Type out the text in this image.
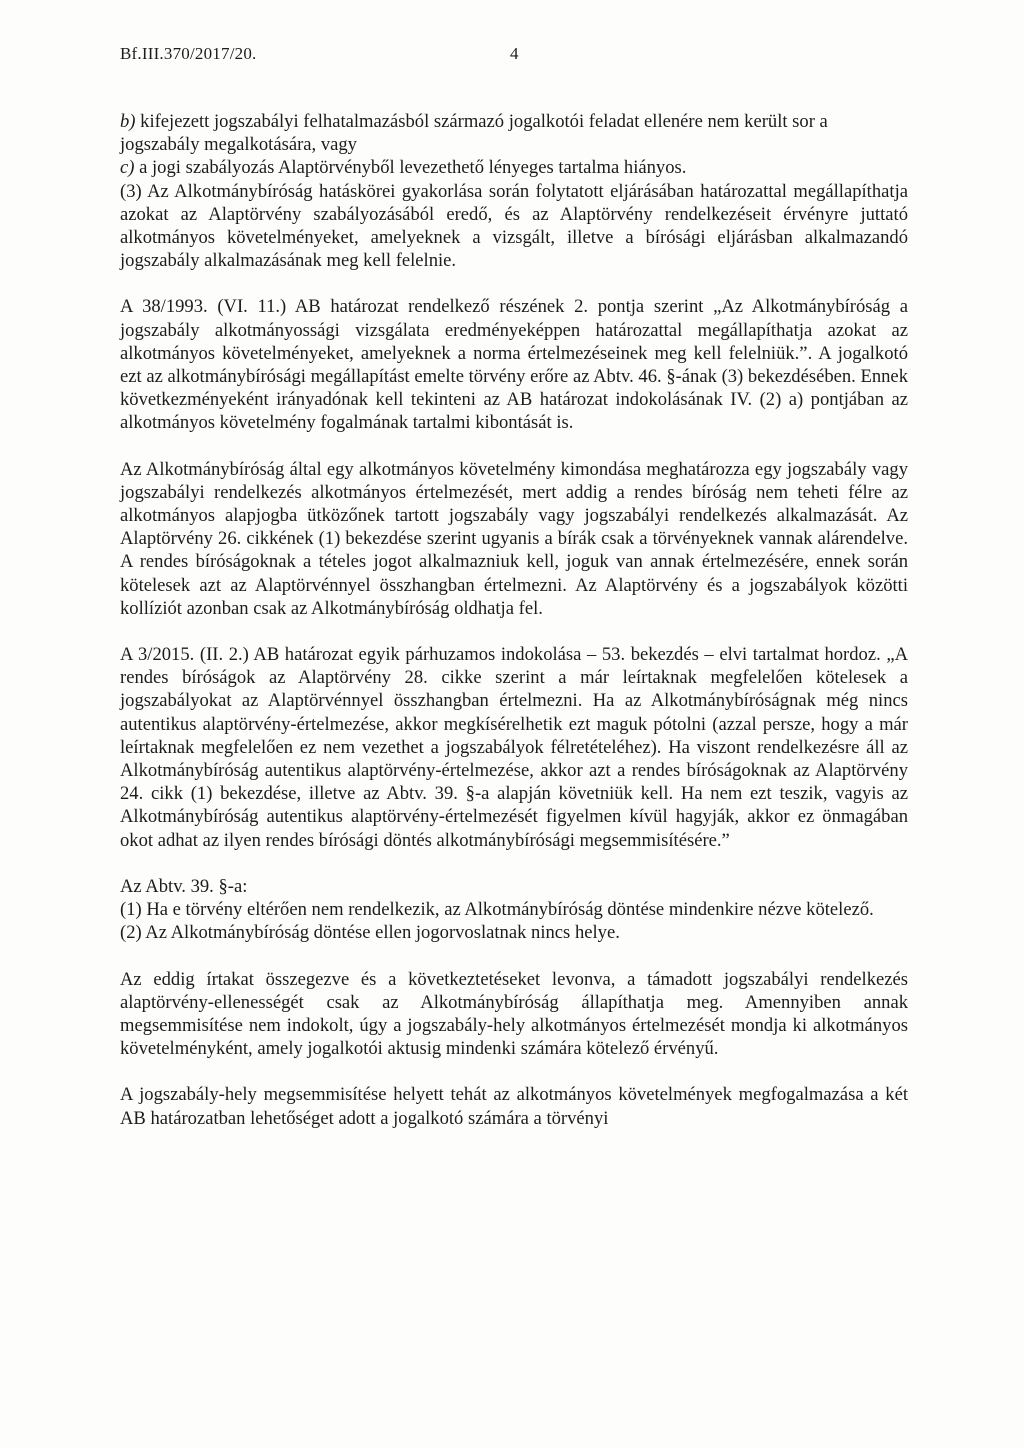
Bf.III.370/2017/20.	4

b) kifejezett jogszabályi felhatalmazásból származó jogalkotói feladat ellenére nem került sor a jogszabály megalkotására, vagy

c) a jogi szabályozás Alaptörvényből levezethető lényeges tartalma hiányos.

(3) Az Alkotmánybíróság hatáskörei gyakorlása során folytatott eljárásában határozattal megállapíthatja azokat az Alaptörvény szabályozásából eredő, és az Alaptörvény rendelkezéseit érvényre juttató alkotmányos követelményeket, amelyeknek a vizsgált, illetve a bírósági eljárásban alkalmazandó jogszabály alkalmazásának meg kell felelnie.

A 38/1993. (VI. 11.) AB határozat rendelkező részének 2. pontja szerint „Az Alkotmánybíróság a jogszabály alkotmányossági vizsgálata eredményeképpen határozattal megállapíthatja azokat az alkotmányos követelményeket, amelyeknek a norma értelmezéseinek meg kell felelniük.”. A jogalkotó ezt az alkotmánybírósági megállapítást emelte törvény erőre az Abtv. 46. §-ának (3) bekezdésében. Ennek következményeként irányadónak kell tekinteni az AB határozat indokolásának IV. (2) a) pontjában az alkotmányos követelmény fogalmának tartalmi kibontását is.

Az Alkotmánybíróság által egy alkotmányos követelmény kimondása meghatározza egy jogszabály vagy jogszabályi rendelkezés alkotmányos értelmezését, mert addig a rendes bíróság nem teheti félre az alkotmányos alapjogba ütközőnek tartott jogszabály vagy jogszabályi rendelkezés alkalmazását. Az Alaptörvény 26. cikkének (1) bekezdése szerint ugyanis a bírák csak a törvényeknek vannak alárendelve. A rendes bíróságoknak a tételes jogot alkalmazniuk kell, joguk van annak értelmezésére, ennek során kötelesek azt az Alaptörvénnyel összhangban értelmezni. Az Alaptörvény és a jogszabályok közötti kollíziót azonban csak az Alkotmánybíróság oldhatja fel.

A 3/2015. (II. 2.) AB határozat egyik párhuzamos indokolása – 53. bekezdés – elvi tartalmat hordoz. „A rendes bíróságok az Alaptörvény 28. cikke szerint a már leírtaknak megfelelően kötelesek a jogszabályokat az Alaptörvénnyel összhangban értelmezni. Ha az Alkotmánybíróságnak még nincs autentikus alaptörvény-értelmezése, akkor megkísérelhetik ezt maguk pótolni (azzal persze, hogy a már leírtaknak megfelelően ez nem vezethet a jogszabályok félretételéhez). Ha viszont rendelkezésre áll az Alkotmánybíróság autentikus alaptörvény-értelmezése, akkor azt a rendes bíróságoknak az Alaptörvény 24. cikk (1) bekezdése, illetve az Abtv. 39. §-a alapján követniük kell. Ha nem ezt teszik, vagyis az Alkotmánybíróság autentikus alaptörvény-értelmezését figyelmen kívül hagyják, akkor ez önmagában okot adhat az ilyen rendes bírósági döntés alkotmánybírósági megsemmisítésére.”

Az Abtv. 39. §-a:

(1) Ha e törvény eltérően nem rendelkezik, az Alkotmánybíróság döntése mindenkire nézve kötelező.

(2) Az Alkotmánybíróság döntése ellen jogorvoslatnak nincs helye.

Az eddig írtakat összegezve és a következtetéseket levonva, a támadott jogszabályi rendelkezés alaptörvény-ellenességét csak az Alkotmánybíróság állapíthatja meg. Amennyiben annak megsemmisítése nem indokolt, úgy a jogszabály-hely alkotmányos értelmezését mondja ki alkotmányos követelményként, amely jogalkotói aktusig mindenki számára kötelező érvényű.

A jogszabály-hely megsemmisítése helyett tehát az alkotmányos követelmények megfogalmazása a két AB határozatban lehetőséget adott a jogalkotó számára a törvényi
